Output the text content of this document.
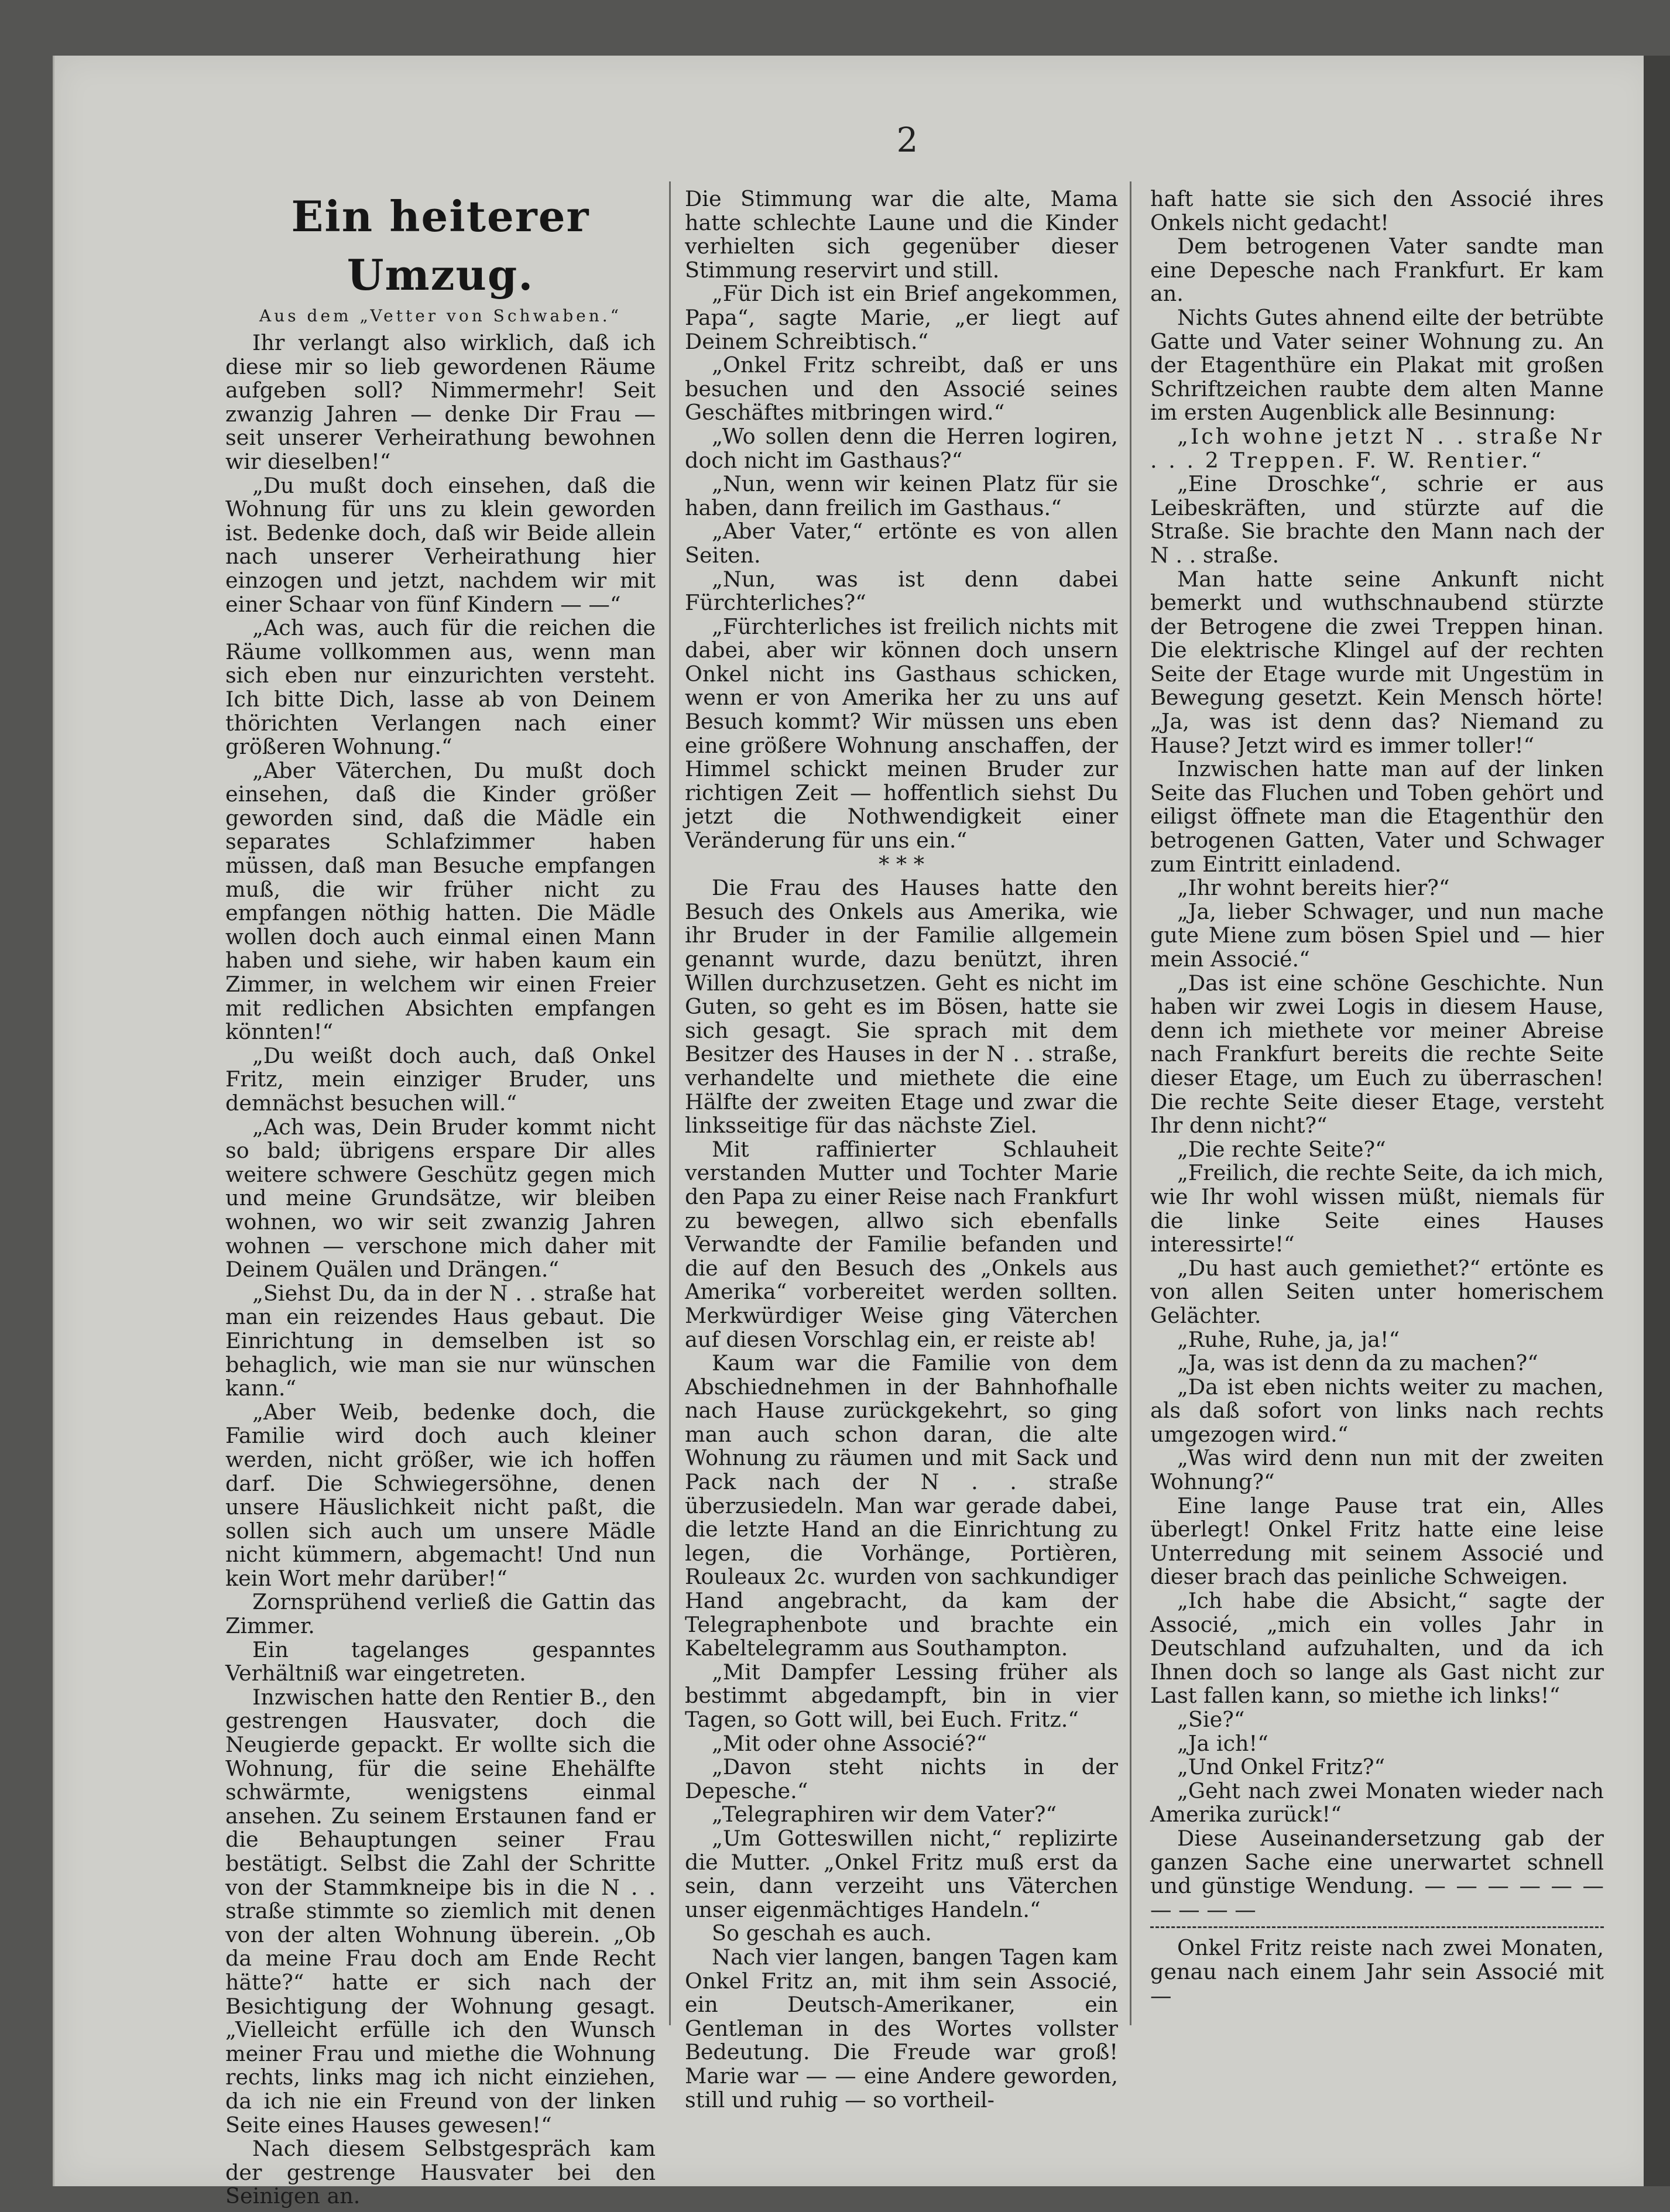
2
Ein heiterer Umzug.
Aus dem „Vetter von Schwaben.“

Ihr verlangt also wirklich, daß ich diese mir so lieb gewordenen Räume aufgeben soll? Nimmermehr! Seit zwanzig Jahren — denke Dir Frau — seit unserer Verheirathung bewohnen wir dieselben!“

„Du mußt doch einsehen, daß die Wohnung für uns zu klein geworden ist. Bedenke doch, daß wir Beide allein nach unserer Verheirathung hier einzogen und jetzt, nachdem wir mit einer Schaar von fünf Kindern — —“

„Ach was, auch für die reichen die Räume vollkommen aus, wenn man sich eben nur einzurichten versteht. Ich bitte Dich, lasse ab von Deinem thörichten Verlangen nach einer größeren Wohnung.“

„Aber Väterchen, Du mußt doch einsehen, daß die Kinder größer geworden sind, daß die Mädle ein separates Schlafzimmer haben müssen, daß man Besuche empfangen muß, die wir früher nicht zu empfangen nöthig hatten. Die Mädle wollen doch auch einmal einen Mann haben und siehe, wir haben kaum ein Zimmer, in welchem wir einen Freier mit redlichen Absichten empfangen könnten!“

„Du weißt doch auch, daß Onkel Fritz, mein einziger Bruder, uns demnächst besuchen will.“

„Ach was, Dein Bruder kommt nicht so bald; übrigens erspare Dir alles weitere schwere Geschütz gegen mich und meine Grundsätze, wir bleiben wohnen, wo wir seit zwanzig Jahren wohnen — verschone mich daher mit Deinem Quälen und Drängen.“

„Siehst Du, da in der N . . straße hat man ein reizendes Haus gebaut. Die Einrichtung in demselben ist so behaglich, wie man sie nur wünschen kann.“

„Aber Weib, bedenke doch, die Familie wird doch auch kleiner werden, nicht größer, wie ich hoffen darf. Die Schwiegersöhne, denen unsere Häuslichkeit nicht paßt, die sollen sich auch um unsere Mädle nicht kümmern, abgemacht! Und nun kein Wort mehr darüber!“

Zornsprühend verließ die Gattin das Zimmer.

Ein tagelanges gespanntes Verhältniß war eingetreten.

Inzwischen hatte den Rentier B., den gestrengen Hausvater, doch die Neugierde gepackt. Er wollte sich die Wohnung, für die seine Ehehälfte schwärmte, wenigstens einmal ansehen. Zu seinem Erstaunen fand er die Behauptungen seiner Frau bestätigt. Selbst die Zahl der Schritte von der Stammkneipe bis in die N . . straße stimmte so ziemlich mit denen von der alten Wohnung überein. „Ob da meine Frau doch am Ende Recht hätte?“ hatte er sich nach der Besichtigung der Wohnung gesagt. „Vielleicht erfülle ich den Wunsch meiner Frau und miethe die Wohnung rechts, links mag ich nicht einziehen, da ich nie ein Freund von der linken Seite eines Hauses gewesen!“

Nach diesem Selbstgespräch kam der gestrenge Hausvater bei den Seinigen an.

Die Stimmung war die alte, Mama hatte schlechte Laune und die Kinder verhielten sich gegenüber dieser Stimmung reservirt und still.

„Für Dich ist ein Brief angekommen, Papa“, sagte Marie, „er liegt auf Deinem Schreibtisch.“

„Onkel Fritz schreibt, daß er uns besuchen und den Associé seines Geschäftes mitbringen wird.“

„Wo sollen denn die Herren logiren, doch nicht im Gasthaus?“

„Nun, wenn wir keinen Platz für sie haben, dann freilich im Gasthaus.“

„Aber Vater,“ ertönte es von allen Seiten.

„Nun, was ist denn dabei Fürchterliches?“

„Fürchterliches ist freilich nichts mit dabei, aber wir können doch unsern Onkel nicht ins Gasthaus schicken, wenn er von Amerika her zu uns auf Besuch kommt? Wir müssen uns eben eine größere Wohnung anschaffen, der Himmel schickt meinen Bruder zur richtigen Zeit — hoffentlich siehst Du jetzt die Nothwendigkeit einer Veränderung für uns ein.“

* * *

Die Frau des Hauses hatte den Besuch des Onkels aus Amerika, wie ihr Bruder in der Familie allgemein genannt wurde, dazu benützt, ihren Willen durchzusetzen. Geht es nicht im Guten, so geht es im Bösen, hatte sie sich gesagt. Sie sprach mit dem Besitzer des Hauses in der N . . straße, verhandelte und miethete die eine Hälfte der zweiten Etage und zwar die linksseitige für das nächste Ziel.

Mit raffinierter Schlauheit verstanden Mutter und Tochter Marie den Papa zu einer Reise nach Frankfurt zu bewegen, allwo sich ebenfalls Verwandte der Familie befanden und die auf den Besuch des „Onkels aus Amerika“ vorbereitet werden sollten. Merkwürdiger Weise ging Väterchen auf diesen Vorschlag ein, er reiste ab!

Kaum war die Familie von dem Abschiednehmen in der Bahnhofhalle nach Hause zurückgekehrt, so ging man auch schon daran, die alte Wohnung zu räumen und mit Sack und Pack nach der N . . straße überzusiedeln. Man war gerade dabei, die letzte Hand an die Einrichtung zu legen, die Vorhänge, Portièren, Rouleaux 2c. wurden von sachkundiger Hand angebracht, da kam der Telegraphenbote und brachte ein Kabeltelegramm aus Southampton.

„Mit Dampfer Lessing früher als bestimmt abgedampft, bin in vier Tagen, so Gott will, bei Euch. Fritz.“

„Mit oder ohne Associé?“

„Davon steht nichts in der Depesche.“

„Telegraphiren wir dem Vater?“

„Um Gotteswillen nicht,“ replizirte die Mutter. „Onkel Fritz muß erst da sein, dann verzeiht uns Väterchen unser eigenmächtiges Handeln.“

So geschah es auch.

Nach vier langen, bangen Tagen kam Onkel Fritz an, mit ihm sein Associé, ein Deutsch-Amerikaner, ein Gentleman in des Wortes vollster Bedeutung. Die Freude war groß! Marie war — — eine Andere geworden, still und ruhig — so vortheil-

haft hatte sie sich den Associé ihres Onkels nicht gedacht!

Dem betrogenen Vater sandte man eine Depesche nach Frankfurt. Er kam an.

Nichts Gutes ahnend eilte der betrübte Gatte und Vater seiner Wohnung zu. An der Etagenthüre ein Plakat mit großen Schriftzeichen raubte dem alten Manne im ersten Augenblick alle Besinnung:

„Ich wohne jetzt N . . straße Nr . . . 2 Treppen. F. W. Rentier.“

„Eine Droschke“, schrie er aus Leibeskräften, und stürzte auf die Straße. Sie brachte den Mann nach der N . . straße.

Man hatte seine Ankunft nicht bemerkt und wuthschnaubend stürzte der Betrogene die zwei Treppen hinan. Die elektrische Klingel auf der rechten Seite der Etage wurde mit Ungestüm in Bewegung gesetzt. Kein Mensch hörte! „Ja, was ist denn das? Niemand zu Hause? Jetzt wird es immer toller!“

Inzwischen hatte man auf der linken Seite das Fluchen und Toben gehört und eiligst öffnete man die Etagenthür den betrogenen Gatten, Vater und Schwager zum Eintritt einladend.

„Ihr wohnt bereits hier?“

„Ja, lieber Schwager, und nun mache gute Miene zum bösen Spiel und — hier mein Associé.“

„Das ist eine schöne Geschichte. Nun haben wir zwei Logis in diesem Hause, denn ich miethete vor meiner Abreise nach Frankfurt bereits die rechte Seite dieser Etage, um Euch zu überraschen! Die rechte Seite dieser Etage, versteht Ihr denn nicht?“

„Die rechte Seite?“

„Freilich, die rechte Seite, da ich mich, wie Ihr wohl wissen müßt, niemals für die linke Seite eines Hauses interessirte!“

„Du hast auch gemiethet?“ ertönte es von allen Seiten unter homerischem Gelächter.

„Ruhe, Ruhe, ja, ja!“

„Ja, was ist denn da zu machen?“

„Da ist eben nichts weiter zu machen, als daß sofort von links nach rechts umgezogen wird.“

„Was wird denn nun mit der zweiten Wohnung?“

Eine lange Pause trat ein, Alles überlegt! Onkel Fritz hatte eine leise Unterredung mit seinem Associé und dieser brach das peinliche Schweigen.

„Ich habe die Absicht,“ sagte der Associé, „mich ein volles Jahr in Deutschland aufzuhalten, und da ich Ihnen doch so lange als Gast nicht zur Last fallen kann, so miethe ich links!“

„Sie?“

„Ja ich!“

„Und Onkel Fritz?“

„Geht nach zwei Monaten wieder nach Amerika zurück!“

Diese Auseinandersetzung gab der ganzen Sache eine unerwartet schnell und günstige Wendung. — — — — — — — — — —

Onkel Fritz reiste nach zwei Monaten, genau nach einem Jahr sein Associé mit —
